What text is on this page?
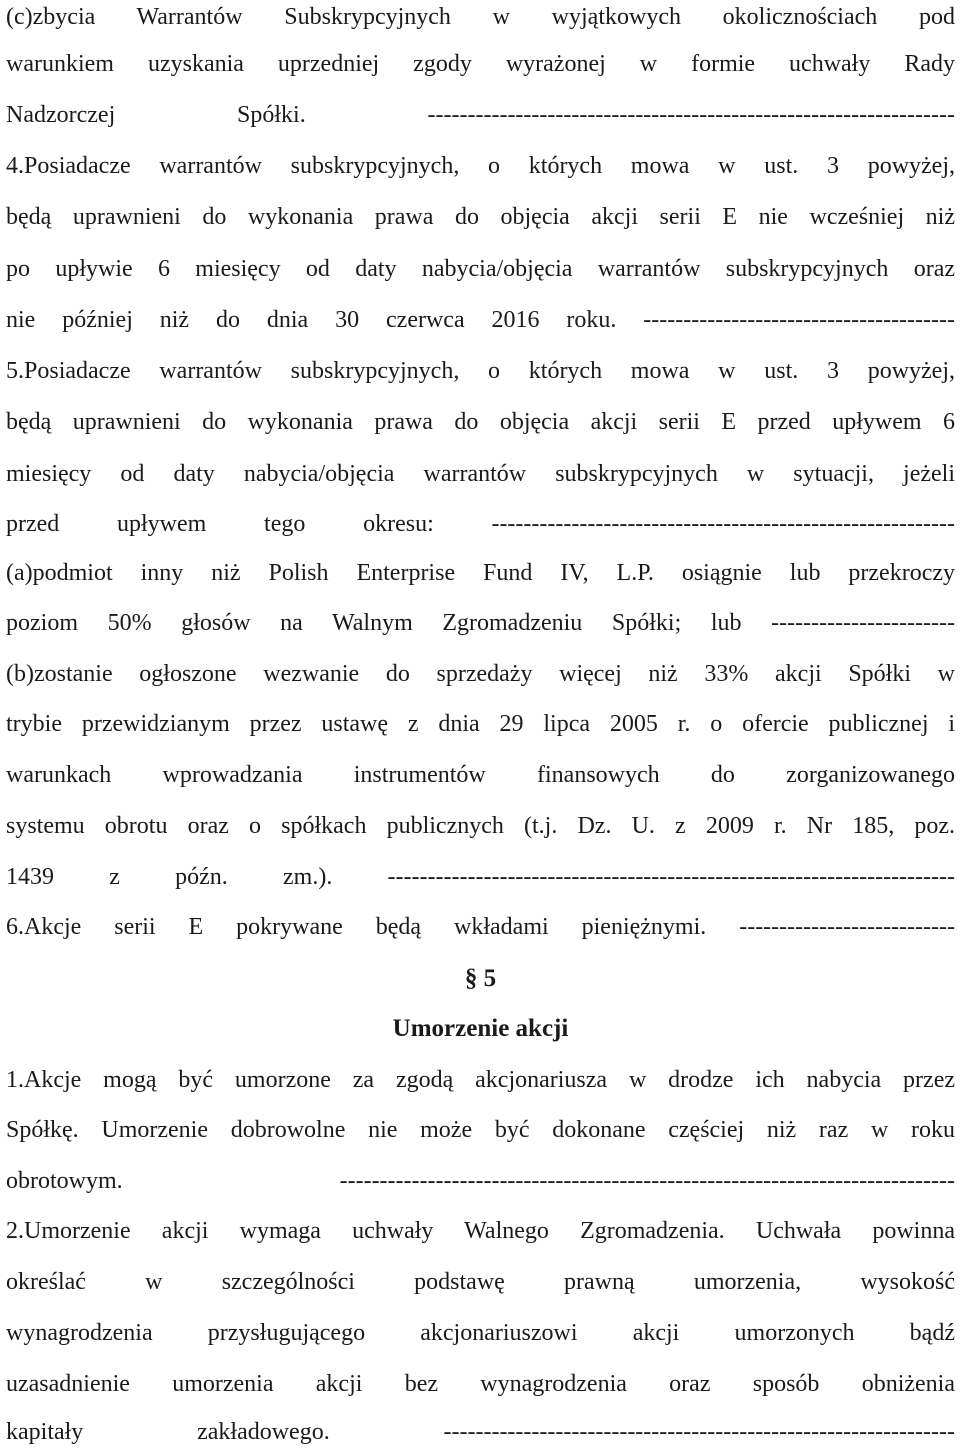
(c)zbycia Warrantów Subskrypcyjnych w wyjątkowych okolicznościach pod
warunkiem uzyskania uprzedniej zgody wyrażonej w formie uchwały Rady
Nadzorczej Spółki. ------------------------------------------------------------------
4.Posiadacze warrantów subskrypcyjnych, o których mowa w ust. 3 powyżej,
będą uprawnieni do wykonania prawa do objęcia akcji serii E nie wcześniej niż
po upływie 6 miesięcy od daty nabycia/objęcia warrantów subskrypcyjnych oraz
nie później niż do dnia 30 czerwca 2016 roku. ---------------------------------------
5.Posiadacze warrantów subskrypcyjnych, o których mowa w ust. 3 powyżej,
będą uprawnieni do wykonania prawa do objęcia akcji serii E przed upływem 6
miesięcy od daty nabycia/objęcia warrantów subskrypcyjnych w sytuacji, jeżeli
przed upływem tego okresu: ----------------------------------------------------------
(a)podmiot inny niż Polish Enterprise Fund IV, L.P. osiągnie lub przekroczy
poziom 50% głosów na Walnym Zgromadzeniu Spółki; lub -----------------------
(b)zostanie ogłoszone wezwanie do sprzedaży więcej niż 33% akcji Spółki w
trybie przewidzianym przez ustawę z dnia 29 lipca 2005 r. o ofercie publicznej i
warunkach wprowadzania instrumentów finansowych do zorganizowanego
systemu obrotu oraz o spółkach publicznych (t.j. Dz. U. z 2009 r. Nr 185, poz.
1439 z późn. zm.). -----------------------------------------------------------------------
6.Akcje serii E pokrywane będą wkładami pieniężnymi. ---------------------------
§ 5
Umorzenie akcji
1.Akcje mogą być umorzone za zgodą akcjonariusza w drodze ich nabycia przez
Spółkę. Umorzenie dobrowolne nie może być dokonane częściej niż raz w roku
obrotowym. -----------------------------------------------------------------------------
2.Umorzenie akcji wymaga uchwały Walnego Zgromadzenia. Uchwała powinna
określać w szczególności podstawę prawną umorzenia, wysokość
wynagrodzenia przysługującego akcjonariuszowi akcji umorzonych bądź
uzasadnienie umorzenia akcji bez wynagrodzenia oraz sposób obniżenia
kapitały zakładowego. ----------------------------------------------------------------
